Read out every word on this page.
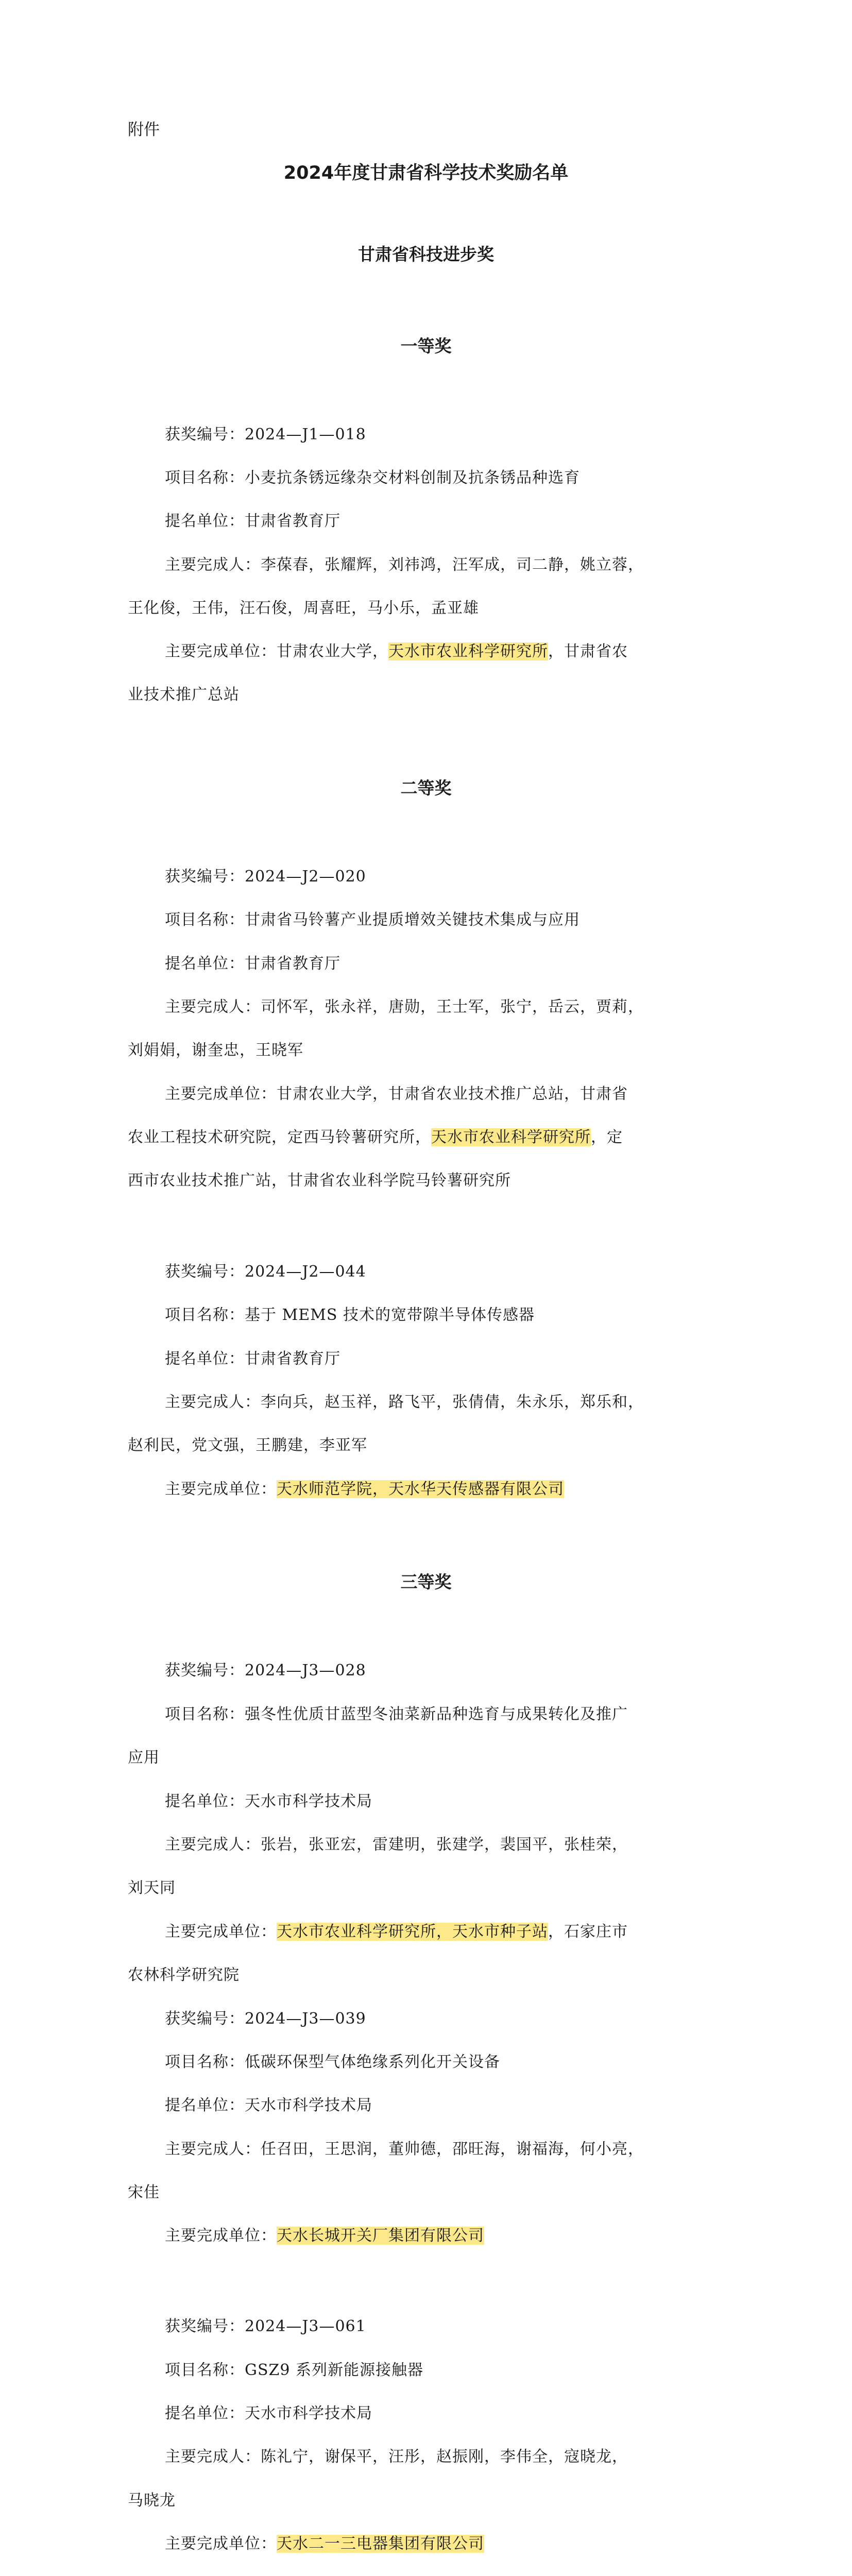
附件
2024年度甘肃省科学技术奖励名单
甘肃省科技进步奖
一等奖
获奖编号：2024—J1—018
项目名称：小麦抗条锈远缘杂交材料创制及抗条锈品种选育
提名单位：甘肃省教育厅
主要完成人：李葆春，张耀辉，刘祎鸿，汪军成，司二静，姚立蓉，
王化俊，王伟，汪石俊，周喜旺，马小乐，孟亚雄
主要完成单位：甘肃农业大学，天水市农业科学研究所，甘肃省农
业技术推广总站
二等奖
获奖编号：2024—J2—020
项目名称：甘肃省马铃薯产业提质增效关键技术集成与应用
提名单位：甘肃省教育厅
主要完成人：司怀军，张永祥，唐勋，王士军，张宁，岳云，贾莉，
刘娟娟，谢奎忠，王晓军
主要完成单位：甘肃农业大学，甘肃省农业技术推广总站，甘肃省
农业工程技术研究院，定西马铃薯研究所，天水市农业科学研究所，定
西市农业技术推广站，甘肃省农业科学院马铃薯研究所
获奖编号：2024—J2—044
项目名称：基于 MEMS 技术的宽带隙半导体传感器
提名单位：甘肃省教育厅
主要完成人：李向兵，赵玉祥，路飞平，张倩倩，朱永乐，郑乐和，
赵利民，党文强，王鹏建，李亚军
主要完成单位：天水师范学院，天水华天传感器有限公司
三等奖
获奖编号：2024—J3—028
项目名称：强冬性优质甘蓝型冬油菜新品种选育与成果转化及推广
应用
提名单位：天水市科学技术局
主要完成人：张岩，张亚宏，雷建明，张建学，裴国平，张桂荣，
刘天同
主要完成单位：天水市农业科学研究所，天水市种子站，石家庄市
农林科学研究院
获奖编号：2024—J3—039
项目名称：低碳环保型气体绝缘系列化开关设备
提名单位：天水市科学技术局
主要完成人：任召田，王思润，董帅德，邵旺海，谢福海，何小亮，
宋佳
主要完成单位：天水长城开关厂集团有限公司
获奖编号：2024—J3—061
项目名称：GSZ9 系列新能源接触器
提名单位：天水市科学技术局
主要完成人：陈礼宁，谢保平，汪彤，赵振刚，李伟全，寇晓龙，
马晓龙
主要完成单位：天水二一三电器集团有限公司
